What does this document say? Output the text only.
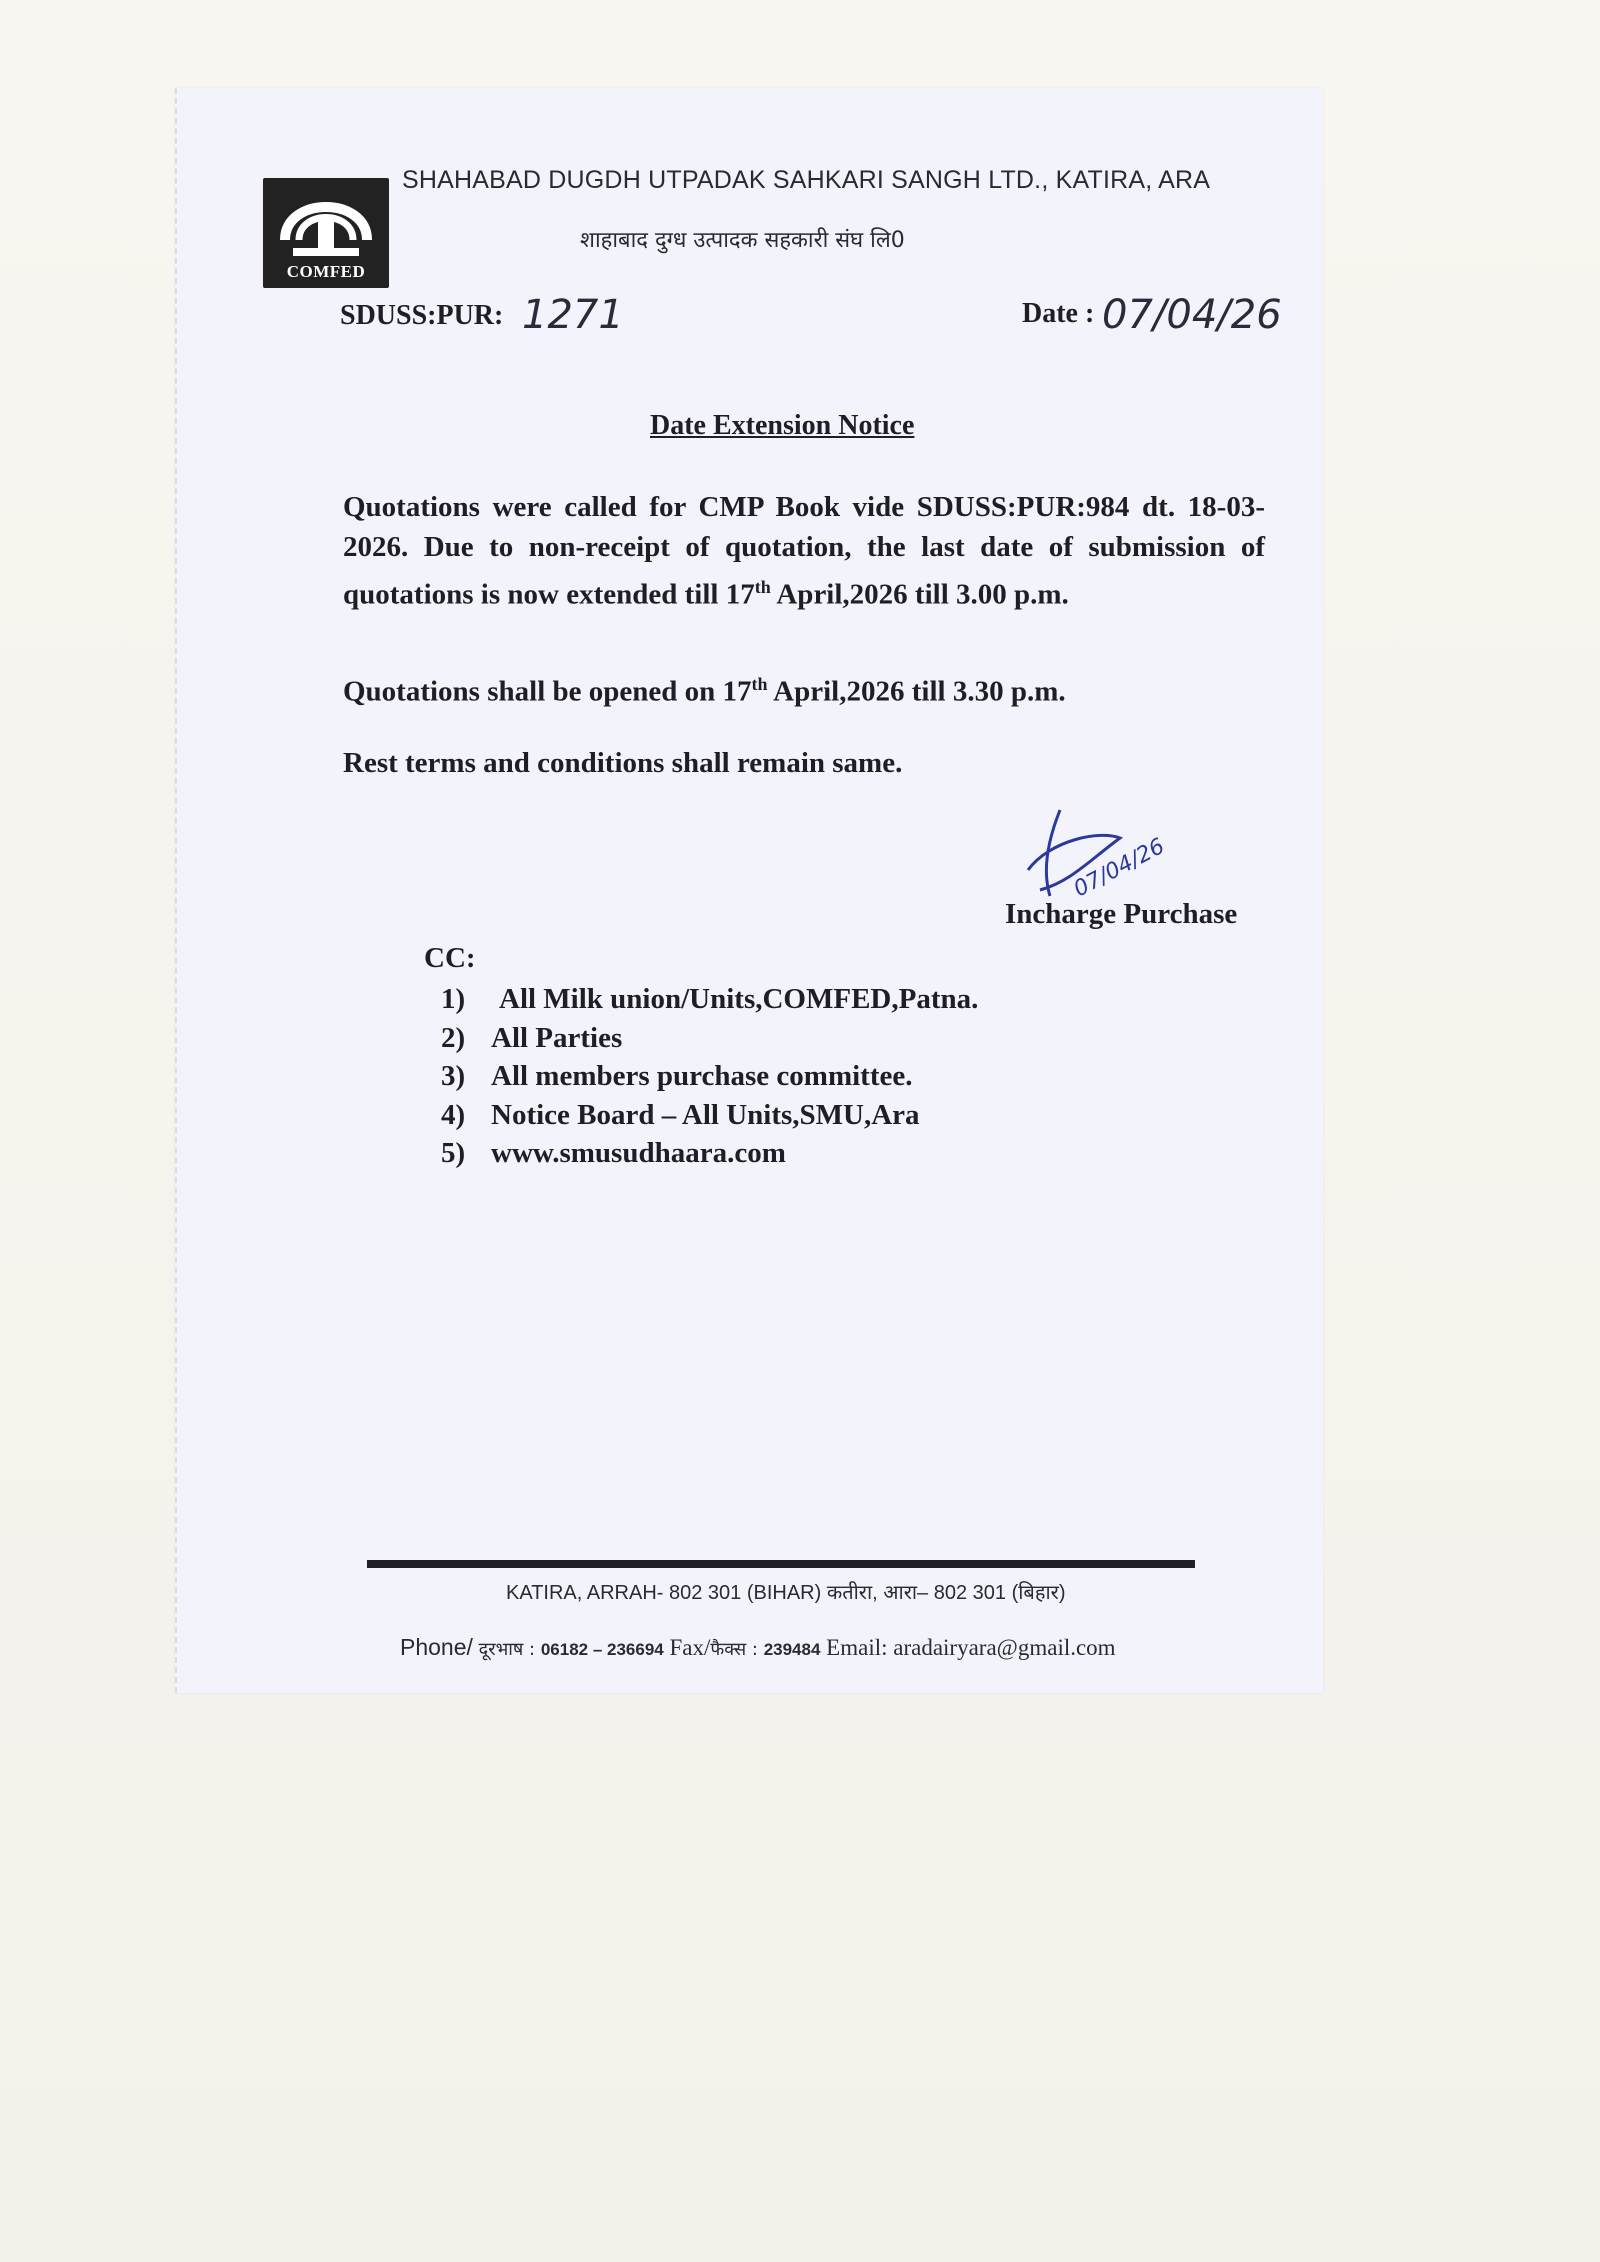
COMFED
SHAHABAD DUGDH UTPADAK SAHKARI SANGH LTD., KATIRA, ARA
शाहाबाद दुग्ध उत्पादक सहकारी संघ लि0
SDUSS:PUR: 1271	Date : 07/04/26
Date Extension Notice
Quotations were called for CMP Book vide SDUSS:PUR:984 dt. 18-03- 2026. Due to non-receipt of quotation, the last date of submission of quotations is now extended till 17th April,2026 till 3.00 p.m.
Quotations shall be opened on 17th April,2026 till 3.30 p.m.
Rest terms and conditions shall remain same.
07/04/26
Incharge Purchase
CC:
1) All Milk union/Units,COMFED,Patna.
2) All Parties
3) All members purchase committee.
4) Notice Board – All Units,SMU,Ara
5) www.smusudhaara.com
KATIRA, ARRAH- 802 301 (BIHAR) कतीरा, आरा– 802 301 (बिहार)
Phone/ दूरभाष : 06182 – 236694 Fax/फैक्स : 239484 Email: aradairyara@gmail.com
